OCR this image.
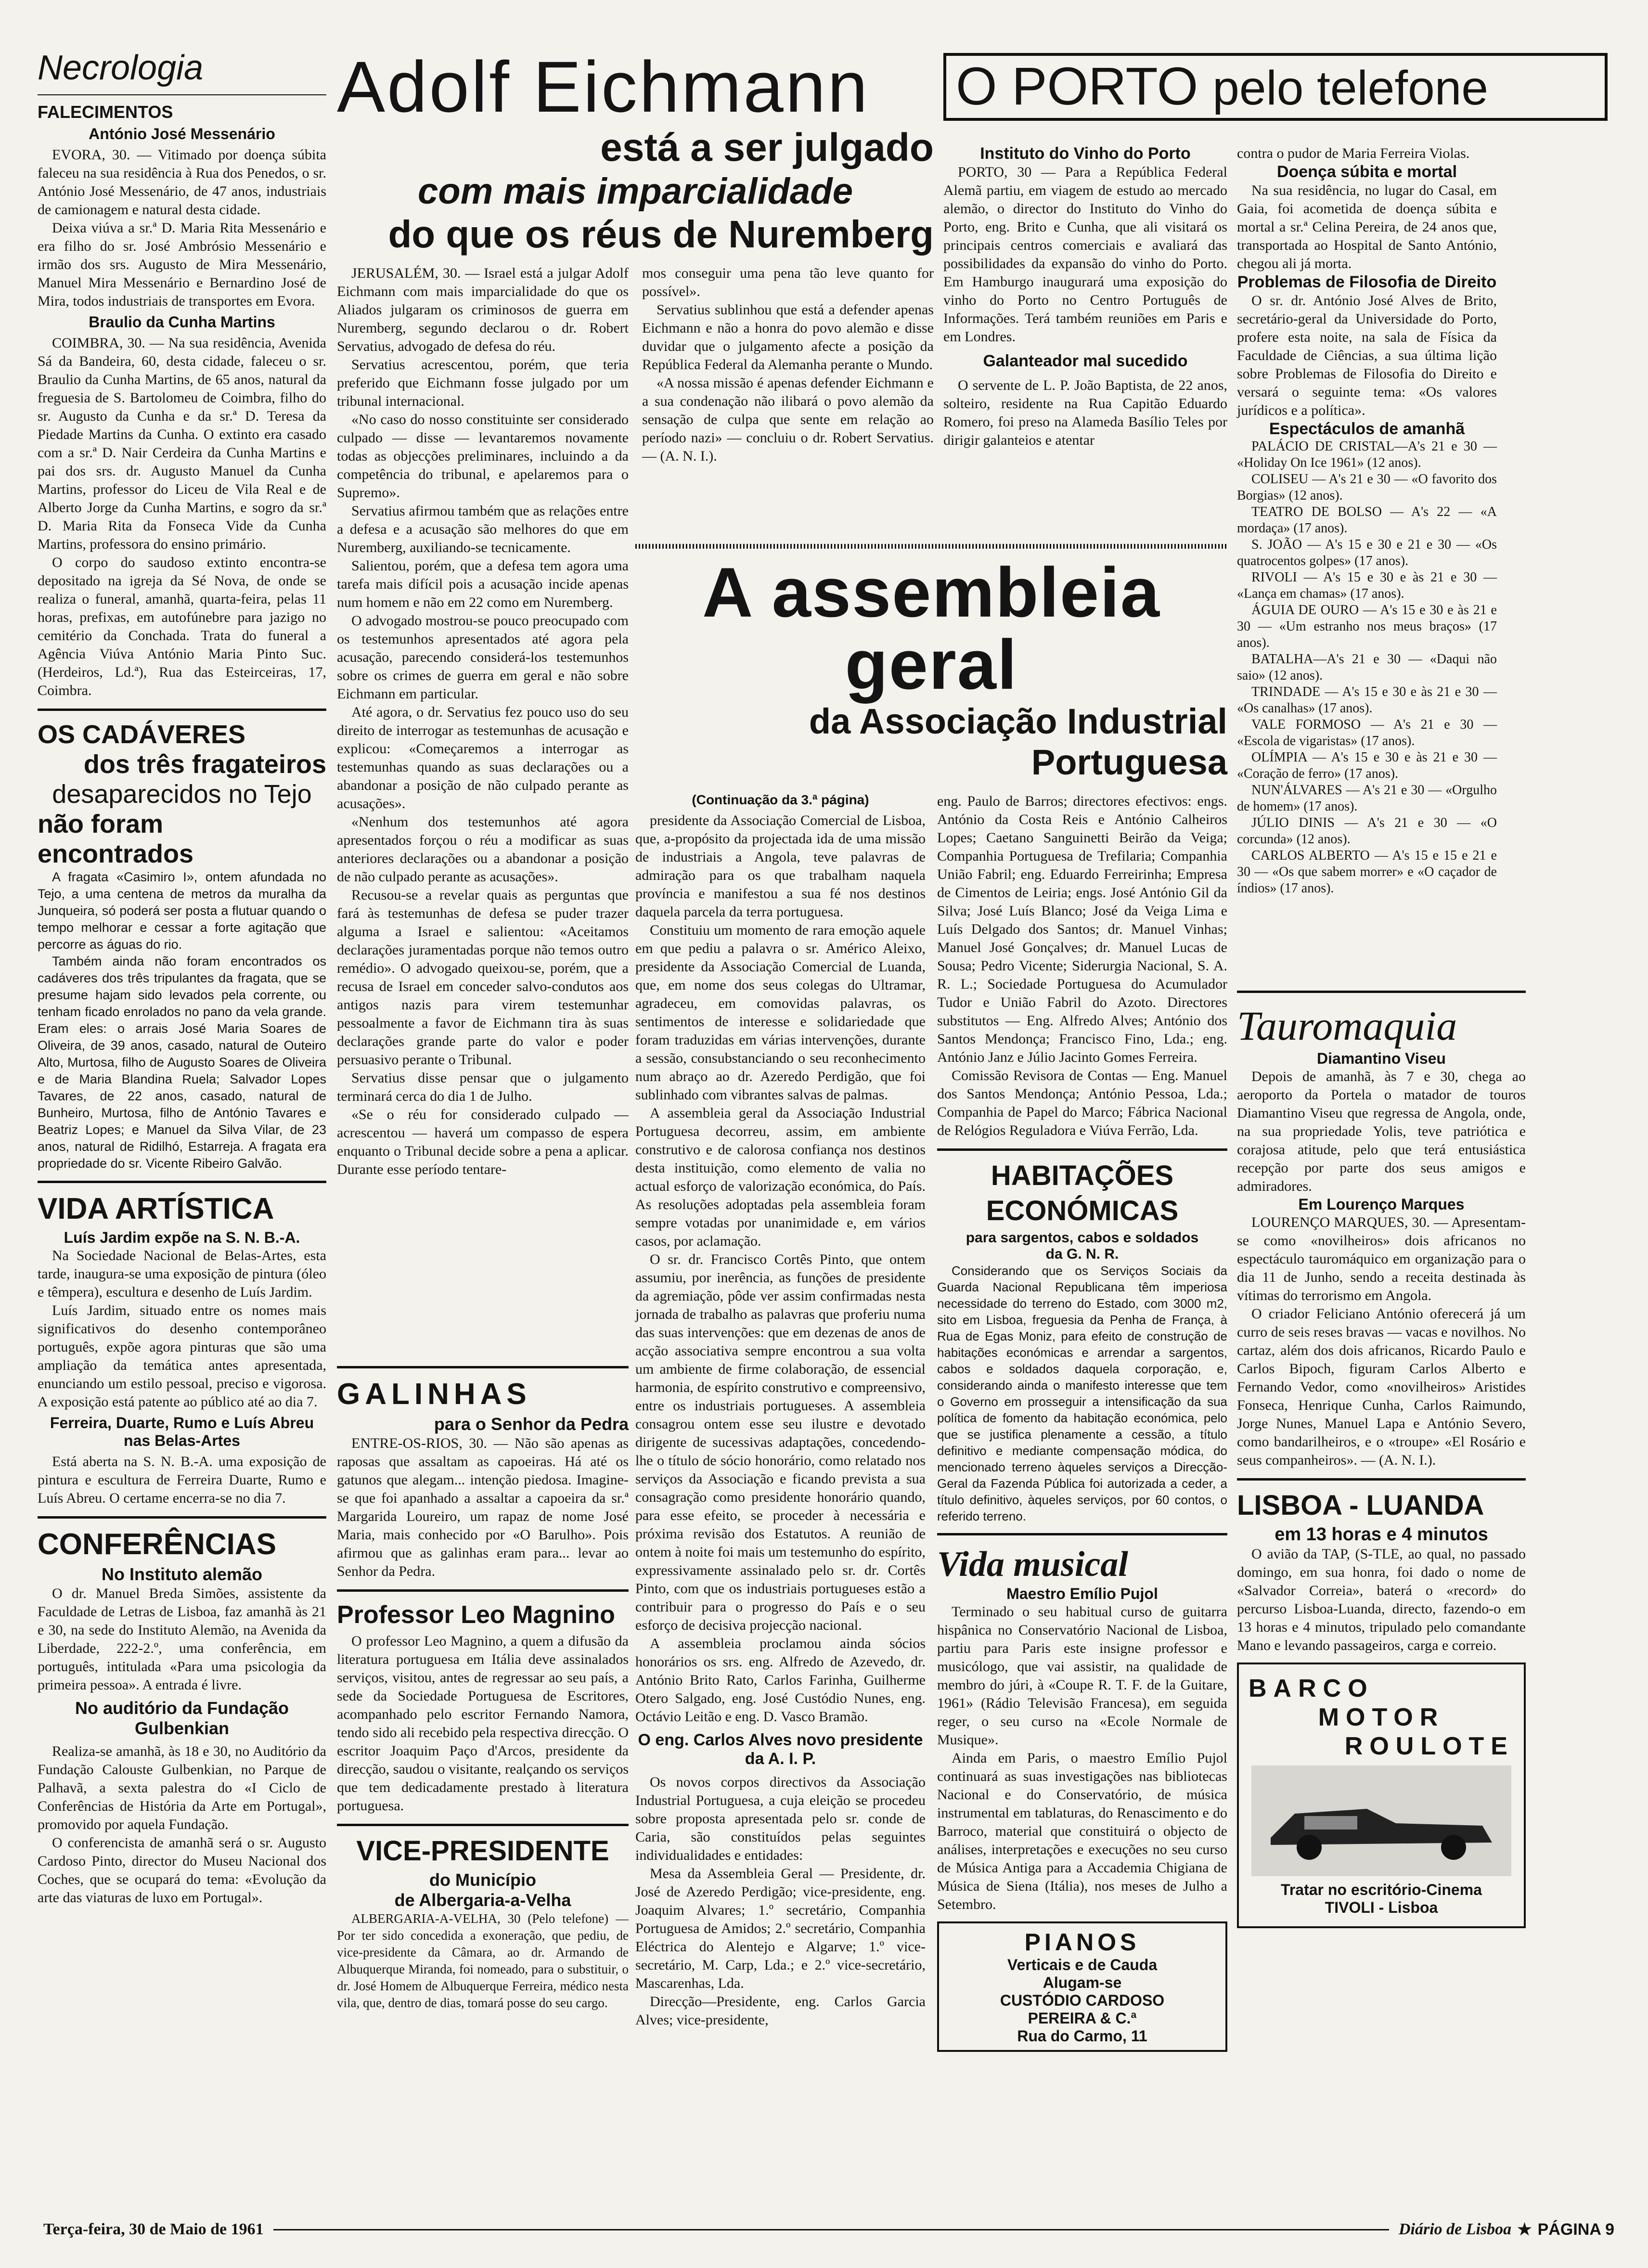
Necrologia
FALECIMENTOS
António José Messenário

EVORA, 30. — Vitimado por doença súbita faleceu na sua residência à Rua dos Penedos, o sr. António José Messenário, de 47 anos, industriais de camionagem e natural desta cidade.

Deixa viúva a sr.ª D. Maria Rita Messenário e era filho do sr. José Ambrósio Messenário e irmão dos srs. Augusto de Mira Messenário, Manuel Mira Messenário e Bernardino José de Mira, todos industriais de transportes em Evora.

Braulio da Cunha Martins

COIMBRA, 30. — Na sua residência, Avenida Sá da Bandeira, 60, desta cidade, faleceu o sr. Braulio da Cunha Martins, de 65 anos, natural da freguesia de S. Bartolomeu de Coimbra, filho do sr. Augusto da Cunha e da sr.ª D. Teresa da Piedade Martins da Cunha. O extinto era casado com a sr.ª D. Nair Cerdeira da Cunha Martins e pai dos srs. dr. Augusto Manuel da Cunha Martins, professor do Liceu de Vila Real e de Alberto Jorge da Cunha Martins, e sogro da sr.ª D. Maria Rita da Fonseca Vide da Cunha Martins, professora do ensino primário.

O corpo do saudoso extinto encontra-se depositado na igreja da Sé Nova, de onde se realiza o funeral, amanhã, quarta-feira, pelas 11 horas, prefixas, em autofúnebre para jazigo no cemitério da Conchada. Trata do funeral a Agência Viúva António Maria Pinto Suc. (Herdeiros, Ld.ª), Rua das Esteirceiras, 17, Coimbra.

OS CADÁVERES
dos três fragateiros
desaparecidos no Tejo
não foram encontrados

A fragata «Casimiro I», ontem afundada no Tejo, a uma centena de metros da muralha da Junqueira, só poderá ser posta a flutuar quando o tempo melhorar e cessar a forte agitação que percorre as águas do rio.

Também ainda não foram encontrados os cadáveres dos três tripulantes da fragata, que se presume hajam sido levados pela corrente, ou tenham ficado enrolados no pano da vela grande. Eram eles: o arrais José Maria Soares de Oliveira, de 39 anos, casado, natural de Outeiro Alto, Murtosa, filho de Augusto Soares de Oliveira e de Maria Blandina Ruela; Salvador Lopes Tavares, de 22 anos, casado, natural de Bunheiro, Murtosa, filho de António Tavares e Beatriz Lopes; e Manuel da Silva Vilar, de 23 anos, natural de Ridilhó, Estarreja. A fragata era propriedade do sr. Vicente Ribeiro Galvão.

VIDA ARTÍSTICA
Luís Jardim expõe na S. N. B.-A.

Na Sociedade Nacional de Belas-Artes, esta tarde, inaugura-se uma exposição de pintura (óleo e têmpera), escultura e desenho de Luís Jardim.

Luís Jardim, situado entre os nomes mais significativos do desenho contemporâneo português, expõe agora pinturas que são uma ampliação da temática antes apresentada, enunciando um estilo pessoal, preciso e vigorosa. A exposição está patente ao público até ao dia 7.

Ferreira, Duarte, Rumo e Luís Abreu nas Belas-Artes

Está aberta na S. N. B.-A. uma exposição de pintura e escultura de Ferreira Duarte, Rumo e Luís Abreu. O certame encerra-se no dia 7.

CONFERÊNCIAS
No Instituto alemão

O dr. Manuel Breda Simões, assistente da Faculdade de Letras de Lisboa, faz amanhã às 21 e 30, na sede do Instituto Alemão, na Avenida da Liberdade, 222-2.º, uma conferência, em português, intitulada «Para uma psicologia da primeira pessoa». A entrada é livre.

No auditório da Fundação Gulbenkian

Realiza-se amanhã, às 18 e 30, no Auditório da Fundação Calouste Gulbenkian, no Parque de Palhavã, a sexta palestra do «I Ciclo de Conferências de História da Arte em Portugal», promovido por aquela Fundação.

O conferencista de amanhã será o sr. Augusto Cardoso Pinto, director do Museu Nacional dos Coches, que se ocupará do tema: «Evolução da arte das viaturas de luxo em Portugal».

Adolf Eichmann
está a ser julgado
com mais imparcialidade
do que os réus de Nuremberg

JERUSALÉM, 30. — Israel está a julgar Adolf Eichmann com mais imparcialidade do que os Aliados julgaram os criminosos de guerra em Nuremberg, segundo declarou o dr. Robert Servatius, advogado de defesa do réu.

Servatius acrescentou, porém, que teria preferido que Eichmann fosse julgado por um tribunal internacional.

«No caso do nosso constituinte ser considerado culpado — disse — levantaremos novamente todas as objecções preliminares, incluindo a da competência do tribunal, e apelaremos para o Supremo».

Servatius afirmou também que as relações entre a defesa e a acusação são melhores do que em Nuremberg, auxiliando-se tecnicamente.

Salientou, porém, que a defesa tem agora uma tarefa mais difícil pois a acusação incide apenas num homem e não em 22 como em Nuremberg.

O advogado mostrou-se pouco preocupado com os testemunhos apresentados até agora pela acusação, parecendo considerá-los testemunhos sobre os crimes de guerra em geral e não sobre Eichmann em particular.

Até agora, o dr. Servatius fez pouco uso do seu direito de interrogar as testemunhas de acusação e explicou: «Começaremos a interrogar as testemunhas quando as suas declarações ou a abandonar a posição de não culpado perante as acusações».

«Nenhum dos testemunhos até agora apresentados forçou o réu a modificar as suas anteriores declarações ou a abandonar a posição de não culpado perante as acusações».

Recusou-se a revelar quais as perguntas que fará às testemunhas de defesa se puder trazer alguma a Israel e salientou: «Aceitamos declarações juramentadas porque não temos outro remédio». O advogado queixou-se, porém, que a recusa de Israel em conceder salvo-condutos aos antigos nazis para virem testemunhar pessoalmente a favor de Eichmann tira às suas declarações grande parte do valor e poder persuasivo perante o Tribunal.

Servatius disse pensar que o julgamento terminará cerca do dia 1 de Julho.

«Se o réu for considerado culpado — acrescentou — haverá um compasso de espera enquanto o Tribunal decide sobre a pena a aplicar. Durante esse período tentare-

mos conseguir uma pena tão leve quanto for possível».

Servatius sublinhou que está a defender apenas Eichmann e não a honra do povo alemão e disse duvidar que o julgamento afecte a posição da República Federal da Alemanha perante o Mundo.

«A nossa missão é apenas defender Eichmann e a sua condenação não ilibará o povo alemão da sensação de culpa que sente em relação ao período nazi» — concluiu o dr. Robert Servatius. — (A. N. I.).

GALINHAS
para o Senhor da Pedra

ENTRE-OS-RIOS, 30. — Não são apenas as raposas que assaltam as capoeiras. Há até os gatunos que alegam... intenção piedosa. Imagine-se que foi apanhado a assaltar a capoeira da sr.ª Margarida Loureiro, um rapaz de nome José Maria, mais conhecido por «O Barulho». Pois afirmou que as galinhas eram para... levar ao Senhor da Pedra.

Professor Leo Magnino

O professor Leo Magnino, a quem a difusão da literatura portuguesa em Itália deve assinalados serviços, visitou, antes de regressar ao seu país, a sede da Sociedade Portuguesa de Escritores, acompanhado pelo escritor Fernando Namora, tendo sido ali recebido pela respectiva direcção. O escritor Joaquim Paço d'Arcos, presidente da direcção, saudou o visitante, realçando os serviços que tem dedicadamente prestado à literatura portuguesa.

VICE-PRESIDENTE
do Município
de Albergaria-a-Velha

ALBERGARIA-A-VELHA, 30 (Pelo telefone) — Por ter sido concedida a exoneração, que pediu, de vice-presidente da Câmara, ao dr. Armando de Albuquerque Miranda, foi nomeado, para o substituir, o dr. José Homem de Albuquerque Ferreira, médico nesta vila, que, dentro de dias, tomará posse do seu cargo.

O PORTO pelo telefone
Instituto do Vinho do Porto

PORTO, 30 — Para a República Federal Alemã partiu, em viagem de estudo ao mercado alemão, o director do Instituto do Vinho do Porto, eng. Brito e Cunha, que ali visitará os principais centros comerciais e avaliará das possibilidades da expansão do vinho do Porto. Em Hamburgo inaugurará uma exposição do vinho do Porto no Centro Português de Informações. Terá também reuniões em Paris e em Londres.

Galanteador mal sucedido

O servente de L. P. João Baptista, de 22 anos, solteiro, residente na Rua Capitão Eduardo Romero, foi preso na Alameda Basílio Teles por dirigir galanteios e atentar

contra o pudor de Maria Ferreira Violas.

Doença súbita e mortal

Na sua residência, no lugar do Casal, em Gaia, foi acometida de doença súbita e mortal a sr.ª Celina Pereira, de 24 anos que, transportada ao Hospital de Santo António, chegou ali já morta.

Problemas de Filosofia de Direito

O sr. dr. António José Alves de Brito, secretário-geral da Universidade do Porto, profere esta noite, na sala de Física da Faculdade de Ciências, a sua última lição sobre Problemas de Filosofia do Direito e versará o seguinte tema: «Os valores jurídicos e a política».

Espectáculos de amanhã

PALÁCIO DE CRISTAL—A's 21 e 30 — «Holiday On Ice 1961» (12 anos).

COLISEU — A's 21 e 30 — «O favorito dos Borgias» (12 anos).

TEATRO DE BOLSO — A's 22 — «A mordaça» (17 anos).

S. JOÃO — A's 15 e 30 e 21 e 30 — «Os quatrocentos golpes» (17 anos).

RIVOLI — A's 15 e 30 e às 21 e 30 — «Lança em chamas» (17 anos).

ÁGUIA DE OURO — A's 15 e 30 e às 21 e 30 — «Um estranho nos meus braços» (17 anos).

BATALHA—A's 21 e 30 — «Daqui não saio» (12 anos).

TRINDADE — A's 15 e 30 e às 21 e 30 — «Os canalhas» (17 anos).

VALE FORMOSO — A's 21 e 30 — «Escola de vigaristas» (17 anos).

OLÍMPIA — A's 15 e 30 e às 21 e 30 — «Coração de ferro» (17 anos).

NUN'ÁLVARES — A's 21 e 30 — «Orgulho de homem» (17 anos).

JÚLIO DINIS — A's 21 e 30 — «O corcunda» (12 anos).

CARLOS ALBERTO — A's 15 e 15 e 21 e 30 — «Os que sabem morrer» e «O caçador de índios» (17 anos).

A assembleia geral
da Associação Industrial Portuguesa
(Continuação da 3.ª página)

presidente da Associação Comercial de Lisboa, que, a-propósito da projectada ida de uma missão de industriais a Angola, teve palavras de admiração para os que trabalham naquela província e manifestou a sua fé nos destinos daquela parcela da terra portuguesa.

Constituiu um momento de rara emoção aquele em que pediu a palavra o sr. Américo Aleixo, presidente da Associação Comercial de Luanda, que, em nome dos seus colegas do Ultramar, agradeceu, em comovidas palavras, os sentimentos de interesse e solidariedade que foram traduzidas em várias intervenções, durante a sessão, consubstanciando o seu reconhecimento num abraço ao dr. Azeredo Perdigão, que foi sublinhado com vibrantes salvas de palmas.

A assembleia geral da Associação Industrial Portuguesa decorreu, assim, em ambiente construtivo e de calorosa confiança nos destinos desta instituição, como elemento de valia no actual esforço de valorização económica, do País. As resoluções adoptadas pela assembleia foram sempre votadas por unanimidade e, em vários casos, por aclamação.

O sr. dr. Francisco Cortês Pinto, que ontem assumiu, por inerência, as funções de presidente da agremiação, pôde ver assim confirmadas nesta jornada de trabalho as palavras que proferiu numa das suas intervenções: que em dezenas de anos de acção associativa sempre encontrou a sua volta um ambiente de firme colaboração, de essencial harmonia, de espírito construtivo e compreensivo, entre os industriais portugueses. A assembleia consagrou ontem esse seu ilustre e devotado dirigente de sucessivas adaptações, concedendo-lhe o título de sócio honorário, como relatado nos serviços da Associação e ficando prevista a sua consagração como presidente honorário quando, para esse efeito, se proceder à necessária e próxima revisão dos Estatutos. A reunião de ontem à noite foi mais um testemunho do espírito, expressivamente assinalado pelo sr. dr. Cortês Pinto, com que os industriais portugueses estão a contribuir para o progresso do País e o seu esforço de decisiva projecção nacional.

A assembleia proclamou ainda sócios honorários os srs. eng. Alfredo de Azevedo, dr. António Brito Rato, Carlos Farinha, Guilherme Otero Salgado, eng. José Custódio Nunes, eng. Octávio Leitão e eng. D. Vasco Bramão.

O eng. Carlos Alves novo presidente da A. I. P.

Os novos corpos directivos da Associação Industrial Portuguesa, a cuja eleição se procedeu sobre proposta apresentada pelo sr. conde de Caria, são constituídos pelas seguintes individualidades e entidades:

Mesa da Assembleia Geral — Presidente, dr. José de Azeredo Perdigão; vice-presidente, eng. Joaquim Alvares; 1.º secretário, Companhia Portuguesa de Amidos; 2.º secretário, Companhia Eléctrica do Alentejo e Algarve; 1.º vice-secretário, M. Carp, Lda.; e 2.º vice-secretário, Mascarenhas, Lda.

Direcção—Presidente, eng. Carlos Garcia Alves; vice-presidente,

eng. Paulo de Barros; directores efectivos: engs. António da Costa Reis e António Calheiros Lopes; Caetano Sanguinetti Beirão da Veiga; Companhia Portuguesa de Trefilaria; Companhia União Fabril; eng. Eduardo Ferreirinha; Empresa de Cimentos de Leiria; engs. José António Gil da Silva; José Luís Blanco; José da Veiga Lima e Luís Delgado dos Santos; dr. Manuel Vinhas; Manuel José Gonçalves; dr. Manuel Lucas de Sousa; Pedro Vicente; Siderurgia Nacional, S. A. R. L.; Sociedade Portuguesa do Acumulador Tudor e União Fabril do Azoto. Directores substitutos — Eng. Alfredo Alves; António dos Santos Mendonça; Francisco Fino, Lda.; eng. António Janz e Júlio Jacinto Gomes Ferreira.

Comissão Revisora de Contas — Eng. Manuel dos Santos Mendonça; António Pessoa, Lda.; Companhia de Papel do Marco; Fábrica Nacional de Relógios Reguladora e Viúva Ferrão, Lda.

HABITAÇÕES
ECONÓMICAS
para sargentos, cabos e soldados
da G. N. R.

Considerando que os Serviços Sociais da Guarda Nacional Republicana têm imperiosa necessidade do terreno do Estado, com 3000 m2, sito em Lisboa, freguesia da Penha de França, à Rua de Egas Moniz, para efeito de construção de habitações económicas e arrendar a sargentos, cabos e soldados daquela corporação, e, considerando ainda o manifesto interesse que tem o Governo em prosseguir a intensificação da sua política de fomento da habitação económica, pelo que se justifica plenamente a cessão, a título definitivo e mediante compensação módica, do mencionado terreno àqueles serviços a Direcção-Geral da Fazenda Pública foi autorizada a ceder, a título definitivo, àqueles serviços, por 60 contos, o referido terreno.

Vida musical
Maestro Emílio Pujol

Terminado o seu habitual curso de guitarra hispânica no Conservatório Nacional de Lisboa, partiu para Paris este insigne professor e musicólogo, que vai assistir, na qualidade de membro do júri, à «Coupe R. T. F. de la Guitare, 1961» (Rádio Televisão Francesa), em seguida reger, o seu curso na «Ecole Normale de Musique».

Ainda em Paris, o maestro Emílio Pujol continuará as suas investigações nas bibliotecas Nacional e do Conservatório, de música instrumental em tablaturas, do Renascimento e do Barroco, material que constituirá o objecto de análises, interpretações e execuções no seu curso de Música Antiga para a Accademia Chigiana de Música de Siena (Itália), nos meses de Julho a Setembro.

PIANOS
Verticais e de Cauda
Alugam-se
CUSTÓDIO CARDOSO
PEREIRA & C.ª
Rua do Carmo, 11
Tauromaquia
Diamantino Viseu

Depois de amanhã, às 7 e 30, chega ao aeroporto da Portela o matador de touros Diamantino Viseu que regressa de Angola, onde, na sua propriedade Yolis, teve patriótica e corajosa atitude, pelo que terá entusiástica recepção por parte dos seus amigos e admiradores.

Em Lourenço Marques

LOURENÇO MARQUES, 30. — Apresentam-se como «novilheiros» dois africanos no espectáculo tauromáquico em organização para o dia 11 de Junho, sendo a receita destinada às vítimas do terrorismo em Angola.

O criador Feliciano António oferecerá já um curro de seis reses bravas — vacas e novilhos. No cartaz, além dos dois africanos, Ricardo Paulo e Carlos Bipoch, figuram Carlos Alberto e Fernando Vedor, como «novilheiros» Aristides Fonseca, Henrique Cunha, Carlos Raimundo, Jorge Nunes, Manuel Lapa e António Severo, como bandarilheiros, e o «troupe» «El Rosário e seus companheiros». — (A. N. I.).

LISBOA - LUANDA
em 13 horas e 4 minutos

O avião da TAP, (S-TLE, ao qual, no passado domingo, em sua honra, foi dado o nome de «Salvador Correia», baterá o «record» do percurso Lisboa-Luanda, directo, fazendo-o em 13 horas e 4 minutos, tripulado pelo comandante Mano e levando passageiros, carga e correio.

BARCO
MOTOR
ROULOTE
Tratar no escritório-Cinema
TIVOLI - Lisboa
Terça-feira, 30 de Maio de 1961	Diário de Lisboa ★ PÁGINA 9
